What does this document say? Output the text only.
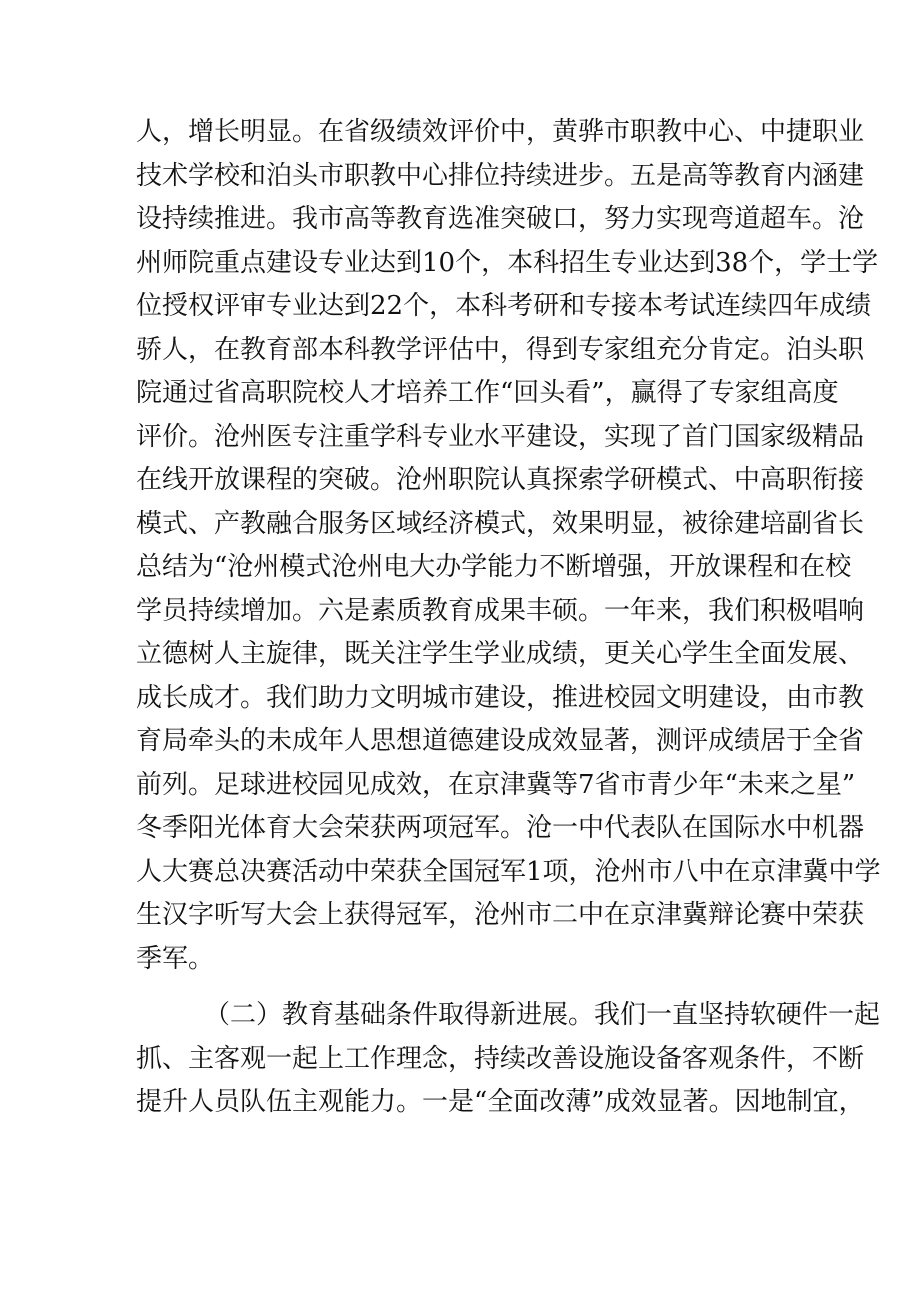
人，增长明显。在省级绩效评价中，黄骅市职教中心、中捷职业
技术学校和泊头市职教中心排位持续进步。五是高等教育内涵建
设持续推进。我市高等教育选准突破口，努力实现弯道超车。沧
州师院重点建设专业达到10个，本科招生专业达到38个，学士学
位授权评审专业达到22个，本科考研和专接本考试连续四年成绩
骄人，在教育部本科教学评估中，得到专家组充分肯定。泊头职
院通过省高职院校人才培养工作“回头看”，赢得了专家组高度
评价。沧州医专注重学科专业水平建设，实现了首门国家级精品
在线开放课程的突破。沧州职院认真探索学研模式、中高职衔接
模式、产教融合服务区域经济模式，效果明显，被徐建培副省长
总结为“沧州模式沧州电大办学能力不断增强，开放课程和在校
学员持续增加。六是素质教育成果丰硕。一年来，我们积极唱响
立德树人主旋律，既关注学生学业成绩，更关心学生全面发展、
成长成才。我们助力文明城市建设，推进校园文明建设，由市教
育局牵头的未成年人思想道德建设成效显著，测评成绩居于全省
前列。足球进校园见成效，在京津冀等7省市青少年“未来之星”
冬季阳光体育大会荣获两项冠军。沧一中代表队在国际水中机器
人大赛总决赛活动中荣获全国冠军1项，沧州市八中在京津冀中学
生汉字听写大会上获得冠军，沧州市二中在京津冀辩论赛中荣获
季军。
（二）教育基础条件取得新进展。我们一直坚持软硬件一起
抓、主客观一起上工作理念，持续改善设施设备客观条件，不断
提升人员队伍主观能力。一是“全面改薄”成效显著。因地制宜，
